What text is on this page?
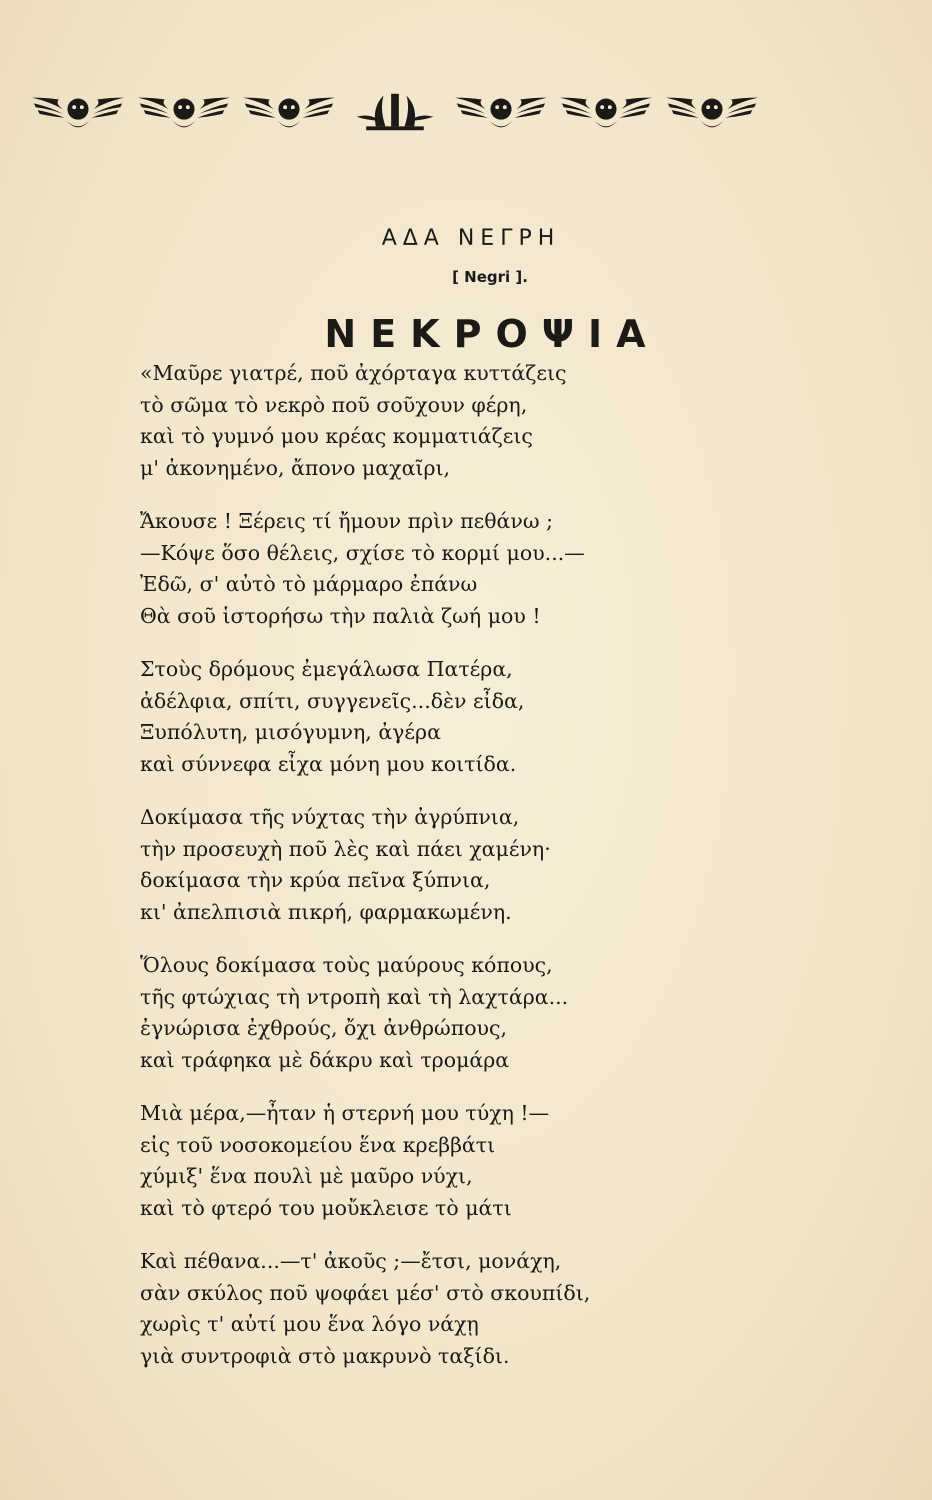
ΑΔΑ ΝΕΓΡΗ
[ Negri ].
ΝΕΚΡΟΨΙΑ
«Μαῦρε γιατρέ, ποῦ ἀχόρταγα κυττάζεις
τὸ σῶμα τὸ νεκρὸ ποῦ σοῦχουν φέρη,
καὶ τὸ γυμνό μου κρέας κομματιάζεις
μ' ἀκονημένο, ἄπονο μαχαῖρι,
Ἄκουσε ! Ξέρεις τί ἤμουν πρὶν πεθάνω ;
—Κόψε ὅσο θέλεις, σχίσε τὸ κορμί μου...—
Ἐδῶ, σ' αὐτὸ τὸ μάρμαρο ἐπάνω
Θὰ σοῦ ἱστορήσω τὴν παλιὰ ζωή μου !
Στοὺς δρόμους ἐμεγάλωσα Πατέρα,
ἀδέλφια, σπίτι, συγγενεῖς...δὲν εἶδα,
Ξυπόλυτη, μισόγυμνη, ἀγέρα
καὶ σύννεφα εἶχα μόνη μου κοιτίδα.
Δοκίμασα τῆς νύχτας τὴν ἀγρύπνια,
τὴν προσευχὴ ποῦ λὲς καὶ πάει χαμένη·
δοκίμασα τὴν κρύα πεῖνα ξύπνια,
κι' ἀπελπισιὰ πικρή, φαρμακωμένη.
Ὅλους δοκίμασα τοὺς μαύρους κόπους,
τῆς φτώχιας τὴ ντροπὴ καὶ τὴ λαχτάρα...
ἐγνώρισα ἐχθρούς, ὄχι ἀνθρώπους,
καὶ τράφηκα μὲ δάκρυ καὶ τρομάρα
Μιὰ μέρα,—ἦταν ἡ στερνή μου τύχη !—
εἰς τοῦ νοσοκομείου ἕνα κρεββάτι
χύμιξ' ἕνα πουλὶ μὲ μαῦρο νύχι,
καὶ τὸ φτερό του μοὔκλεισε τὸ μάτι
Καὶ πέθανα...—τ' ἀκοῦς ;—ἔτσι, μονάχη,
σὰν σκύλος ποῦ ψοφάει μέσ' στὸ σκουπίδι,
χωρὶς τ' αὐτί μου ἕνα λόγο νάχῃ
γιὰ συντροφιὰ στὸ μακρυνὸ ταξίδι.
